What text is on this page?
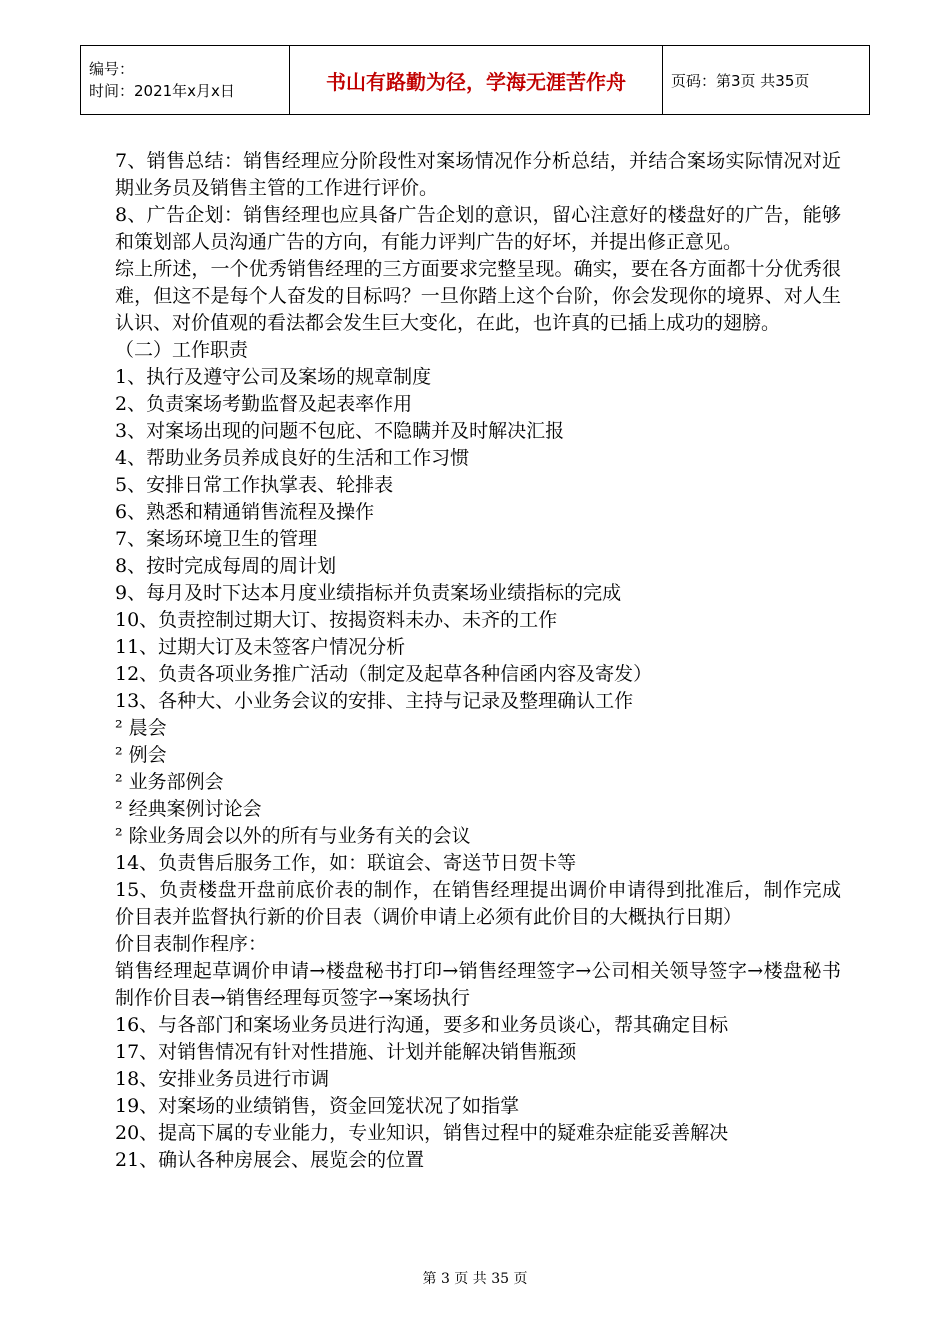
编号：
时间：2021年x月x日	书山有路勤为径，学海无涯苦作舟	页码：第3页 共35页

7、销售总结：销售经理应分阶段性对案场情况作分析总结，并结合案场实际情况对近期业务员及销售主管的工作进行评价。

8、广告企划：销售经理也应具备广告企划的意识，留心注意好的楼盘好的广告，能够和策划部人员沟通广告的方向，有能力评判广告的好坏，并提出修正意见。

综上所述，一个优秀销售经理的三方面要求完整呈现。确实，要在各方面都十分优秀很难，但这不是每个人奋发的目标吗？一旦你踏上这个台阶，你会发现你的境界、对人生认识、对价值观的看法都会发生巨大变化，在此，也许真的已插上成功的翅膀。

（二）工作职责

1、执行及遵守公司及案场的规章制度

2、负责案场考勤监督及起表率作用

3、对案场出现的问题不包庇、不隐瞒并及时解决汇报

4、帮助业务员养成良好的生活和工作习惯

5、安排日常工作执掌表、轮排表

6、熟悉和精通销售流程及操作

7、案场环境卫生的管理

8、按时完成每周的周计划

9、每月及时下达本月度业绩指标并负责案场业绩指标的完成

10、负责控制过期大订、按揭资料未办、未齐的工作

11、过期大订及未签客户情况分析

12、负责各项业务推广活动（制定及起草各种信函内容及寄发）

13、各种大、小业务会议的安排、主持与记录及整理确认工作

² 晨会

² 例会

² 业务部例会

² 经典案例讨论会

² 除业务周会以外的所有与业务有关的会议

14、负责售后服务工作，如：联谊会、寄送节日贺卡等

15、负责楼盘开盘前底价表的制作，在销售经理提出调价申请得到批准后，制作完成价目表并监督执行新的价目表（调价申请上必须有此价目的大概执行日期）

价目表制作程序：

销售经理起草调价申请→楼盘秘书打印→销售经理签字→公司相关领导签字→楼盘秘书制作价目表→销售经理每页签字→案场执行

16、与各部门和案场业务员进行沟通，要多和业务员谈心，帮其确定目标

17、对销售情况有针对性措施、计划并能解决销售瓶颈

18、安排业务员进行市调

19、对案场的业绩销售，资金回笼状况了如指掌

20、提高下属的专业能力，专业知识，销售过程中的疑难杂症能妥善解决

21、确认各种房展会、展览会的位置

第 3 页 共 35 页
